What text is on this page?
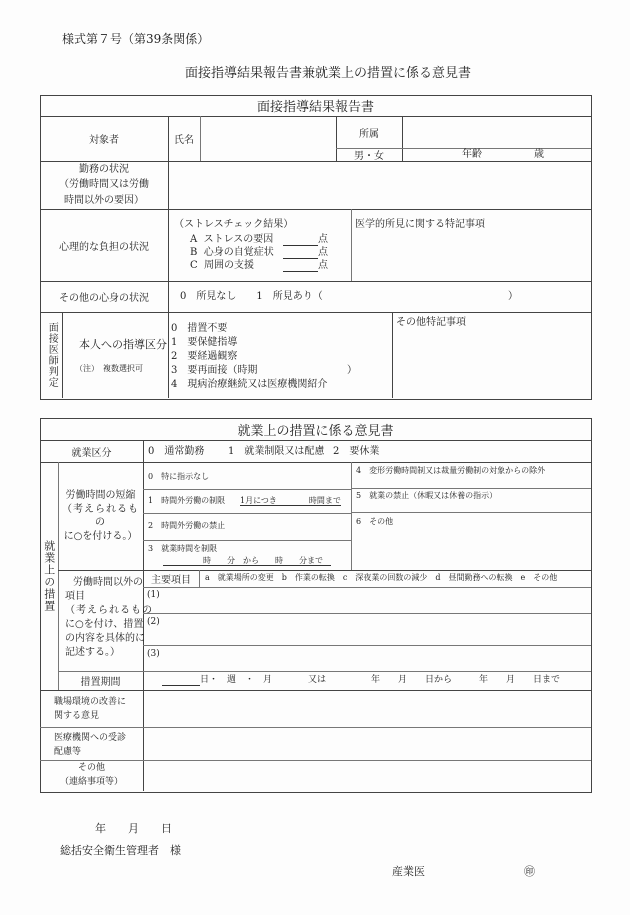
様式第７号（第39条関係）
面接指導結果報告書兼就業上の措置に係る意見書
面接指導結果報告書
対象者	氏名
所属
男・女	年齢	歳
勤務の状況
（労働時間又は労働
時間以外の要因）
心理的な負担の状況
（ストレスチェック結果）
A ストレスの要因	点
B 心身の自覚症状	点
C 周囲の支援	点
医学的所見に関する特記事項
その他の心身の状況	0　所見なし　　1　所見あり（	）
面接医師判定	本人への指導区分
（注）　複数選択可
0　措置不要
1　要保健指導
2　要経過観察
3　要再面接（時期	）
4　現病治療継続又は医療機関紹介
その他特記事項
就業上の措置に係る意見書
就業区分	0　通常勤務 1　就業制限又は配慮 2　要休業
就業上の措置
労働時間の短縮
（考えられるもの
に○を付ける。）
0　特に指示なし
1　時間外労働の制限 1月につき　　　　時間まで
2　時間外労働の禁止
3　就業時間を制限
時　　分　から　　時　　分まで
4　変形労働時間制又は裁量労働制の対象からの除外
5　就業の禁止（休暇又は休養の指示）
6　その他
労働時間以外の
項目
（考えられるもの
に○を付け、措置
の内容を具体的に
記述する。）
主要項目	a　就業場所の変更　b　作業の転換　c　深夜業の回数の減少　d　昼間勤務への転換　e　その他
(1)
(2)
(3)
措置期間	日・　週　・　月　　　　又は　　　　　年　　月　　日から　　　年　　月　　日まで
職場環境の改善に
関する意見
医療機関への受診
配慮等
その他
（連絡事項等）
年　　月　　日
総括安全衛生管理者　様
産業医	㊞
